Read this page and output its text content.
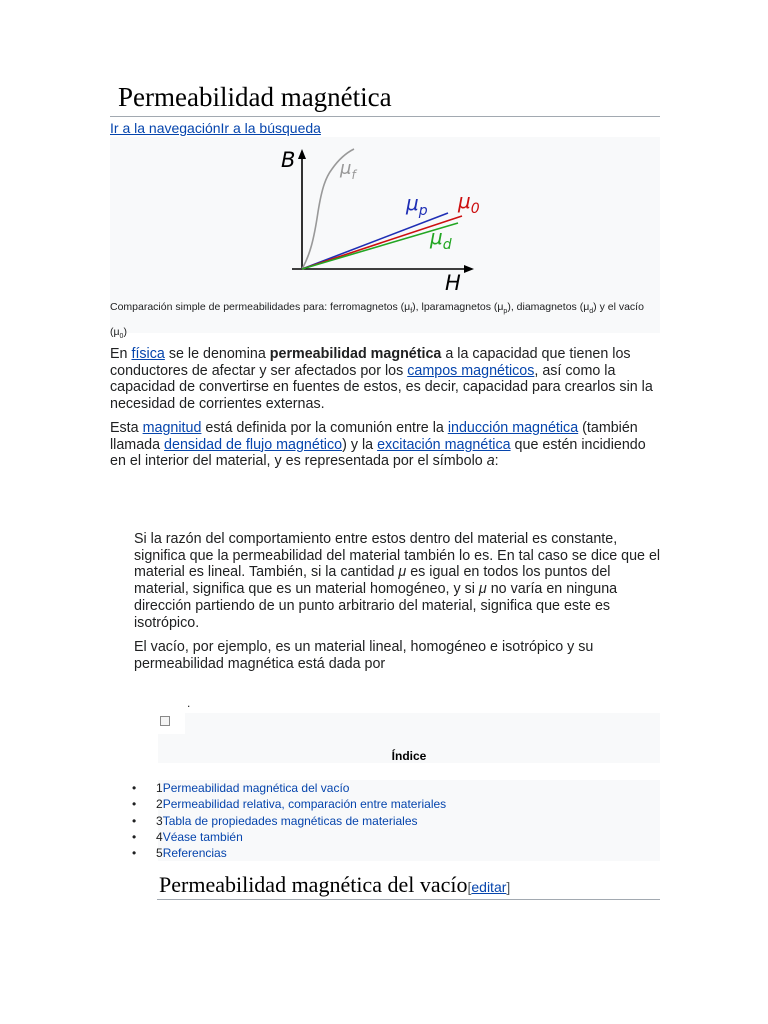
Permeabilidad magnética
Ir a la navegaciónIr a la búsqueda
B
H
$\mu_f$
$\mu_p$ $\mu_0$
$\mu_d$
Comparación simple de permeabilidades para: ferromagnetos $(\mu_f)$, lparamagnetos $(\mu_p)$, diamagnetos $(\mu_d)$ y el vacío $(\mu_0)$

En física se le denomina permeabilidad magnética a la capacidad que tienen los conductores de afectar y ser afectados por los campos magnéticos, así como la capacidad de convertirse en fuentes de estos, es decir, capacidad para crearlos sin la necesidad de corrientes externas.

Esta magnitud está definida por la comunión entre la inducción magnética (también llamada densidad de flujo magnético) y la excitación magnética que estén incidiendo en el interior del material, y es representada por el símbolo a:

Si la razón del comportamiento entre estos dentro del material es constante, significa que la permeabilidad del material también lo es. En tal caso se dice que el material es lineal. También, si la cantidad μ es igual en todos los puntos del material, significa que es un material homogéneo, y si μ no varía en ninguna dirección partiendo de un punto arbitrario del material, significa que este es isotrópico.

El vacío, por ejemplo, es un material lineal, homogéneo e isotrópico y su permeabilidad magnética está dada por

.
Índice
• 1Permeabilidad magnética del vacío
• 2Permeabilidad relativa, comparación entre materiales
• 3Tabla de propiedades magnéticas de materiales
• 4Véase también
• 5Referencias
Permeabilidad magnética del vacío[editar]
